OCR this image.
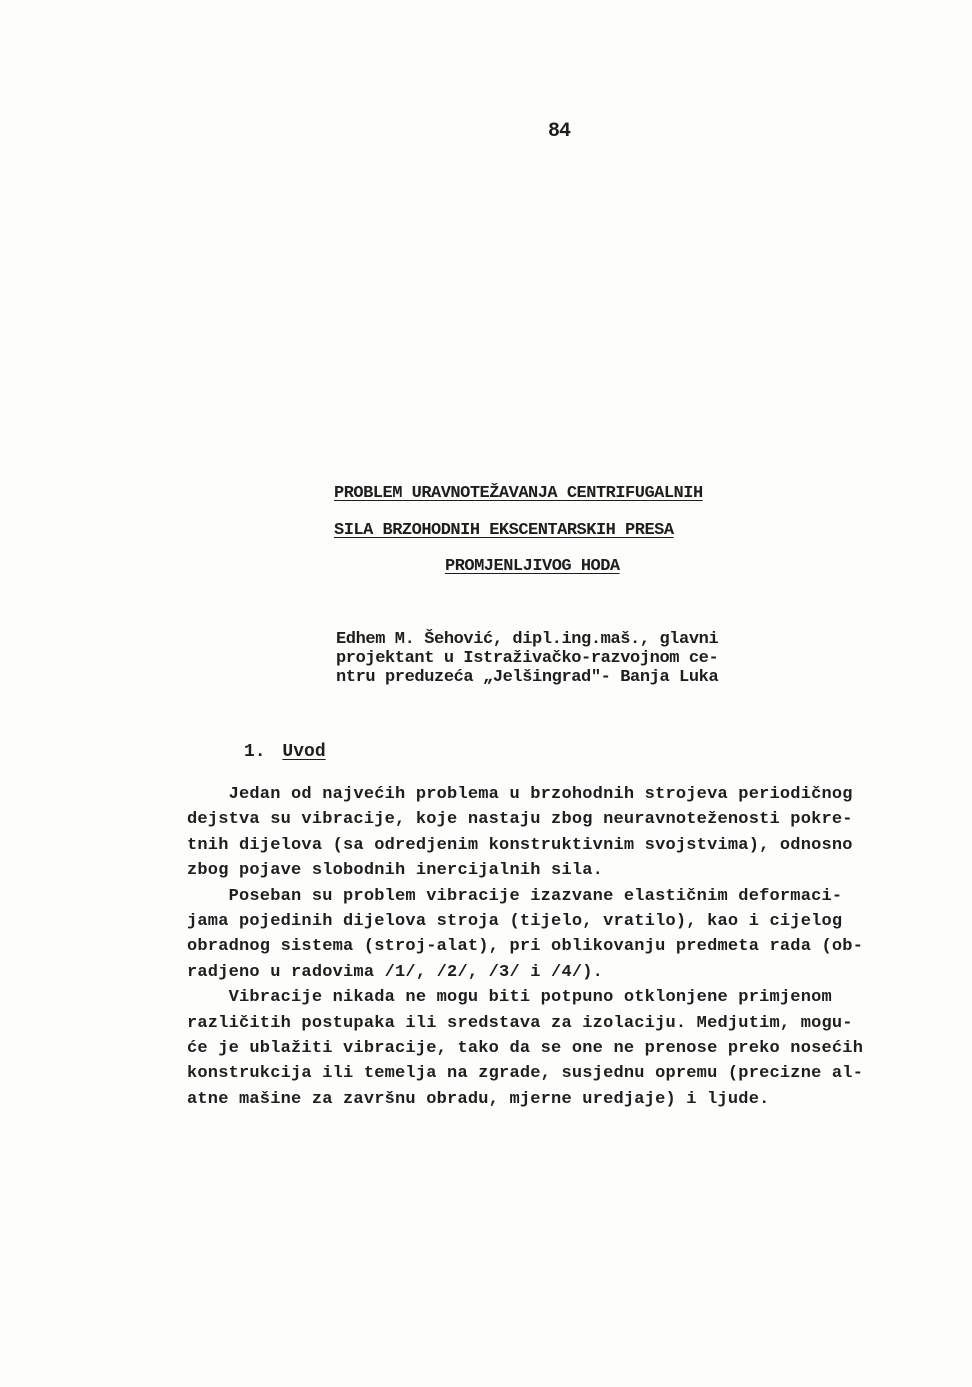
84
PROBLEM URAVNOTEŽAVANJA CENTRIFUGALNIH
SILA BRZOHODNIH EKSCENTARSKIH PRESA
PROMJENLJIVOG HODA
Edhem M. Šehović, dipl.ing.maš., glavni
projektant u Istraživačko-razvojnom ce-
ntru preduzeća „Jelšingrad"- Banja Luka
1. Uvod
Jedan od najvećih problema u brzohodnih strojeva periodičnog
dejstva su vibracije, koje nastaju zbog neuravnoteženosti pokre-
tnih dijelova (sa odredjenim konstruktivnim svojstvima), odnosno
zbog pojave slobodnih inercijalnih sila.
Poseban su problem vibracije izazvane elastičnim deformaci-
jama pojedinih dijelova stroja (tijelo, vratilo), kao i cijelog
obradnog sistema (stroj-alat), pri oblikovanju predmeta rada (ob-
radjeno u radovima /1/, /2/, /3/ i /4/).
Vibracije nikada ne mogu biti potpuno otklonjene primjenom
različitih postupaka ili sredstava za izolaciju. Medjutim, mogu-
će je ublažiti vibracije, tako da se one ne prenose preko nosećih
konstrukcija ili temelja na zgrade, susjednu opremu (precizne al-
atne mašine za završnu obradu, mjerne uredjaje) i ljude.
